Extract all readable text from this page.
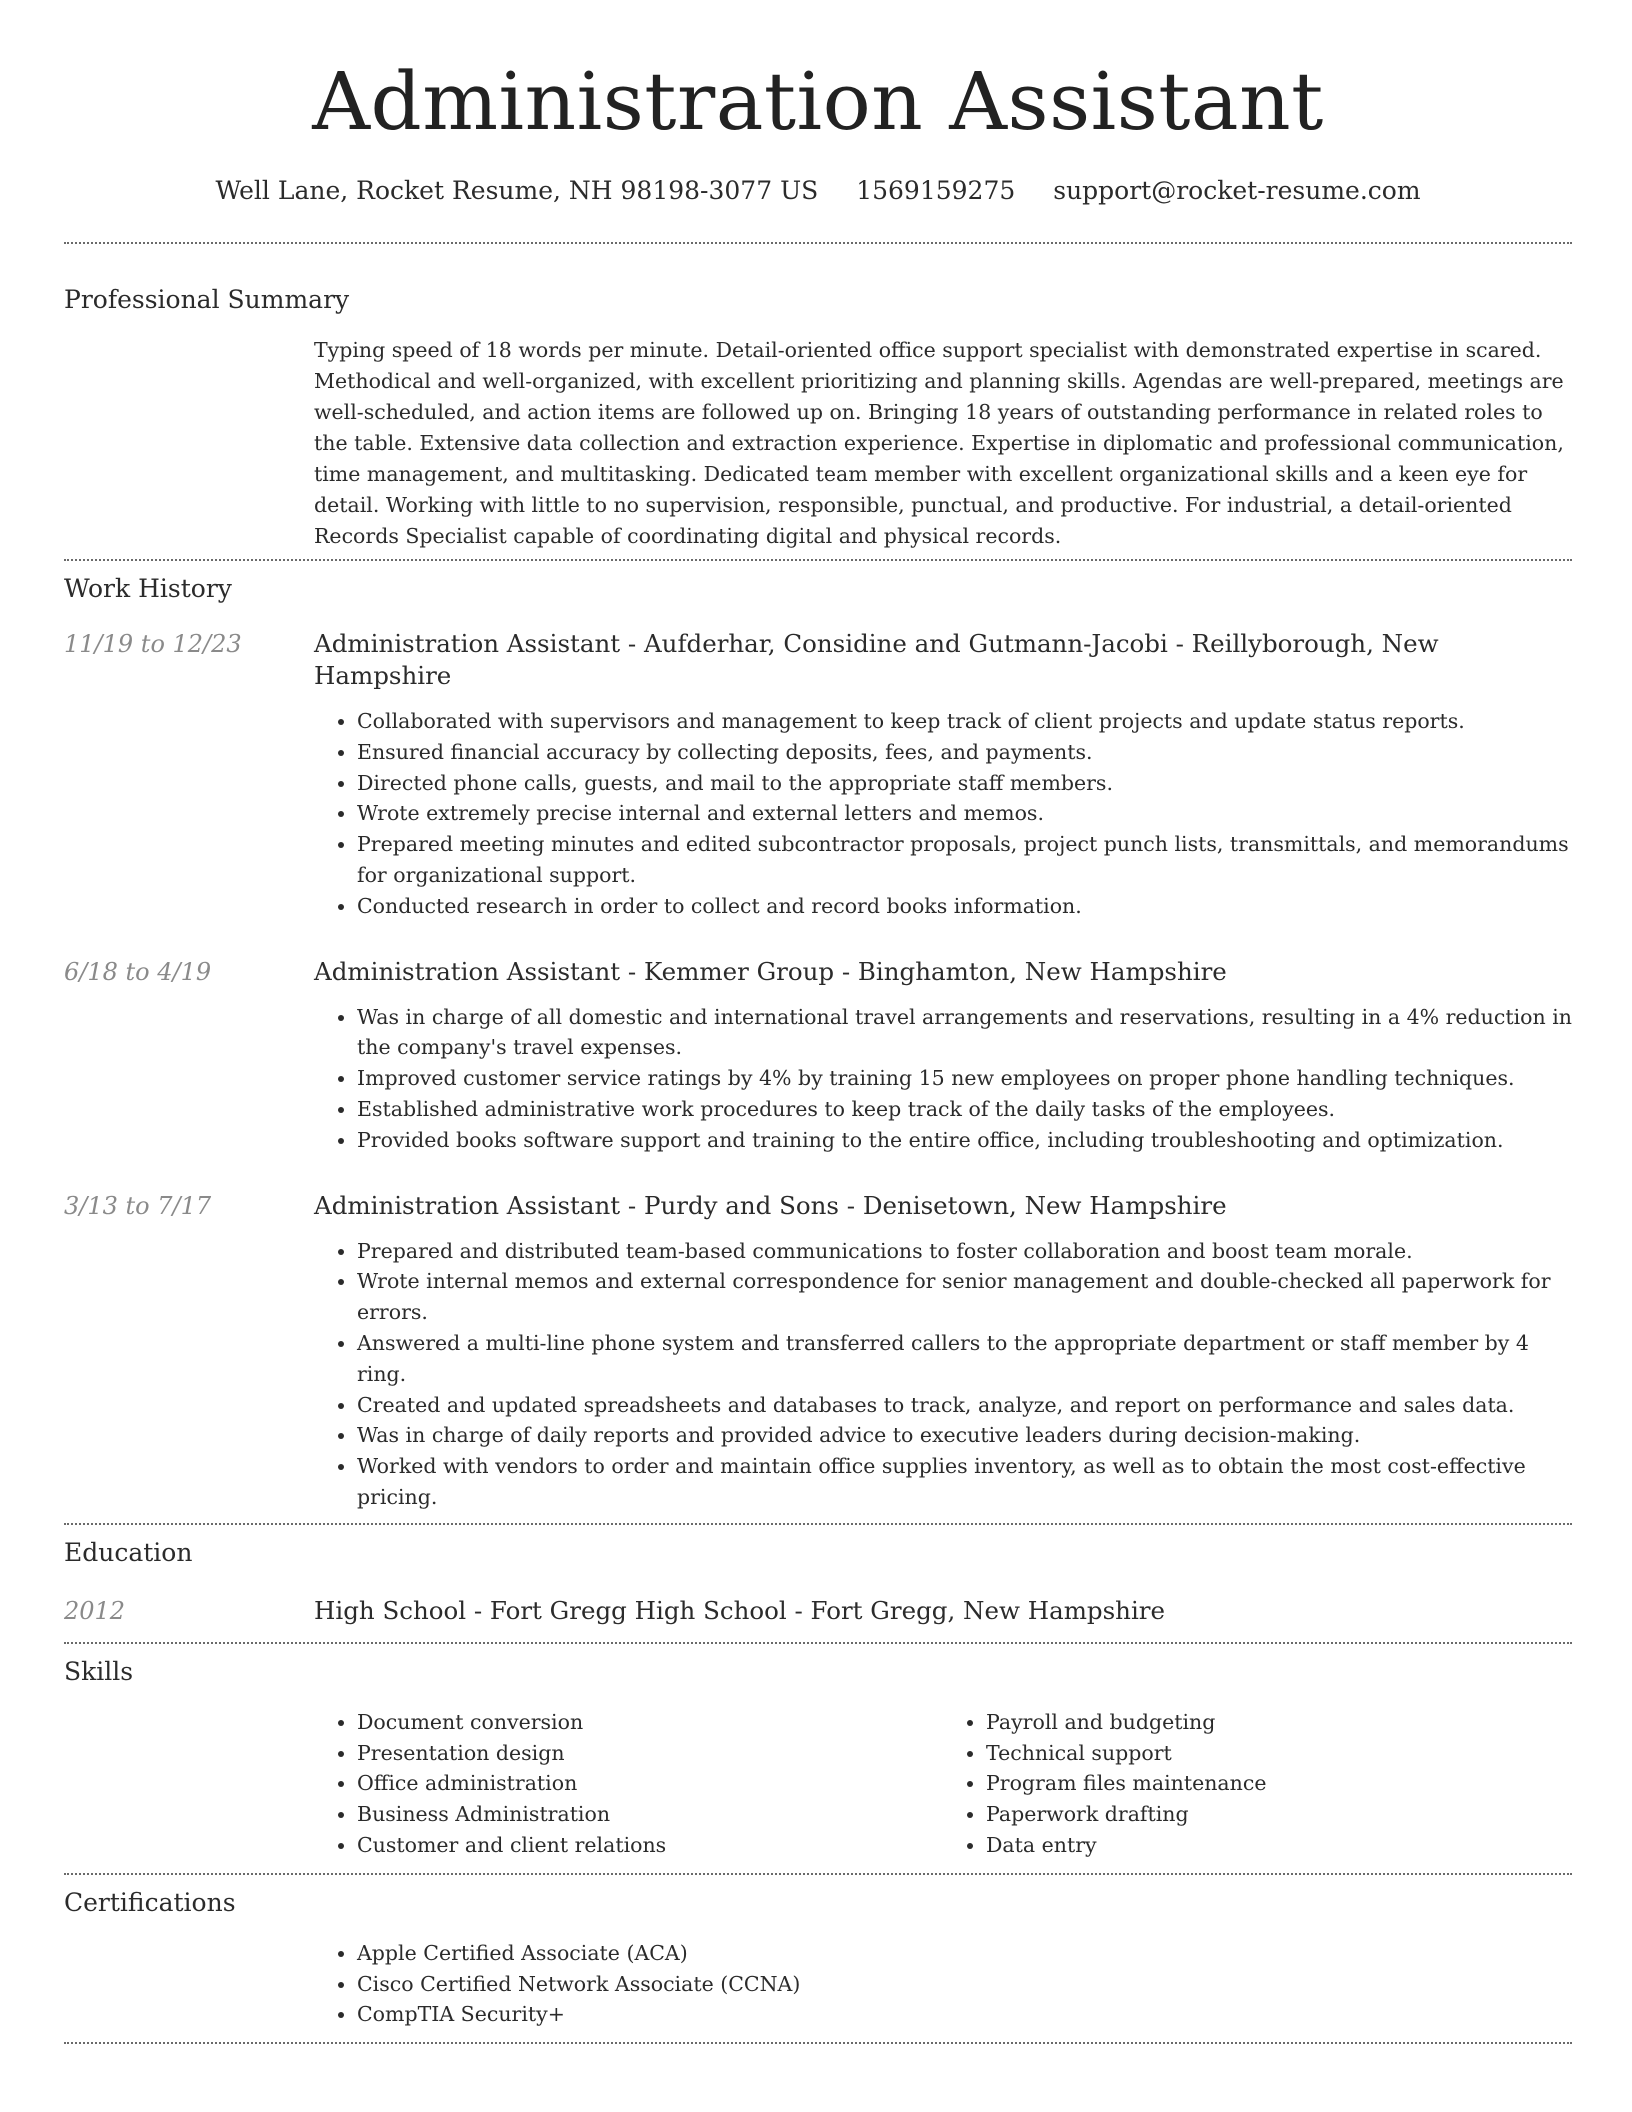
Administration Assistant
Well Lane, Rocket Resume, NH 98198-3077 US 1569159275 support@rocket-resume.com
Professional Summary
Typing speed of 18 words per minute. Detail-oriented office support specialist with demonstrated expertise in scared. Methodical and well-organized, with excellent prioritizing and planning skills. Agendas are well-prepared, meetings are well-scheduled, and action items are followed up on. Bringing 18 years of outstanding performance in related roles to the table. Extensive data collection and extraction experience. Expertise in diplomatic and professional communication, time management, and multitasking. Dedicated team member with excellent organizational skills and a keen eye for detail. Working with little to no supervision, responsible, punctual, and productive. For industrial, a detail-oriented Records Specialist capable of coordinating digital and physical records.
Work History
11/19 to 12/23	Administration Assistant - Aufderhar, Considine and Gutmann-Jacobi - Reillyborough, New Hampshire
• Collaborated with supervisors and management to keep track of client projects and update status reports.
• Ensured financial accuracy by collecting deposits, fees, and payments.
• Directed phone calls, guests, and mail to the appropriate staff members.
• Wrote extremely precise internal and external letters and memos.
• Prepared meeting minutes and edited subcontractor proposals, project punch lists, transmittals, and memorandums for organizational support.
• Conducted research in order to collect and record books information.
6/18 to 4/19	Administration Assistant - Kemmer Group - Binghamton, New Hampshire
• Was in charge of all domestic and international travel arrangements and reservations, resulting in a 4% reduction in the company's travel expenses.
• Improved customer service ratings by 4% by training 15 new employees on proper phone handling techniques.
• Established administrative work procedures to keep track of the daily tasks of the employees.
• Provided books software support and training to the entire office, including troubleshooting and optimization.
3/13 to 7/17	Administration Assistant - Purdy and Sons - Denisetown, New Hampshire
• Prepared and distributed team-based communications to foster collaboration and boost team morale.
• Wrote internal memos and external correspondence for senior management and double-checked all paperwork for errors.
• Answered a multi-line phone system and transferred callers to the appropriate department or staff member by 4 ring.
• Created and updated spreadsheets and databases to track, analyze, and report on performance and sales data.
• Was in charge of daily reports and provided advice to executive leaders during decision-making.
• Worked with vendors to order and maintain office supplies inventory, as well as to obtain the most cost-effective pricing.
Education
2012	High School - Fort Gregg High School - Fort Gregg, New Hampshire
Skills
• Document conversion
• Presentation design
• Office administration
• Business Administration
• Customer and client relations
• Payroll and budgeting
• Technical support
• Program files maintenance
• Paperwork drafting
• Data entry
Certifications
• Apple Certified Associate (ACA)
• Cisco Certified Network Associate (CCNA)
• CompTIA Security+
